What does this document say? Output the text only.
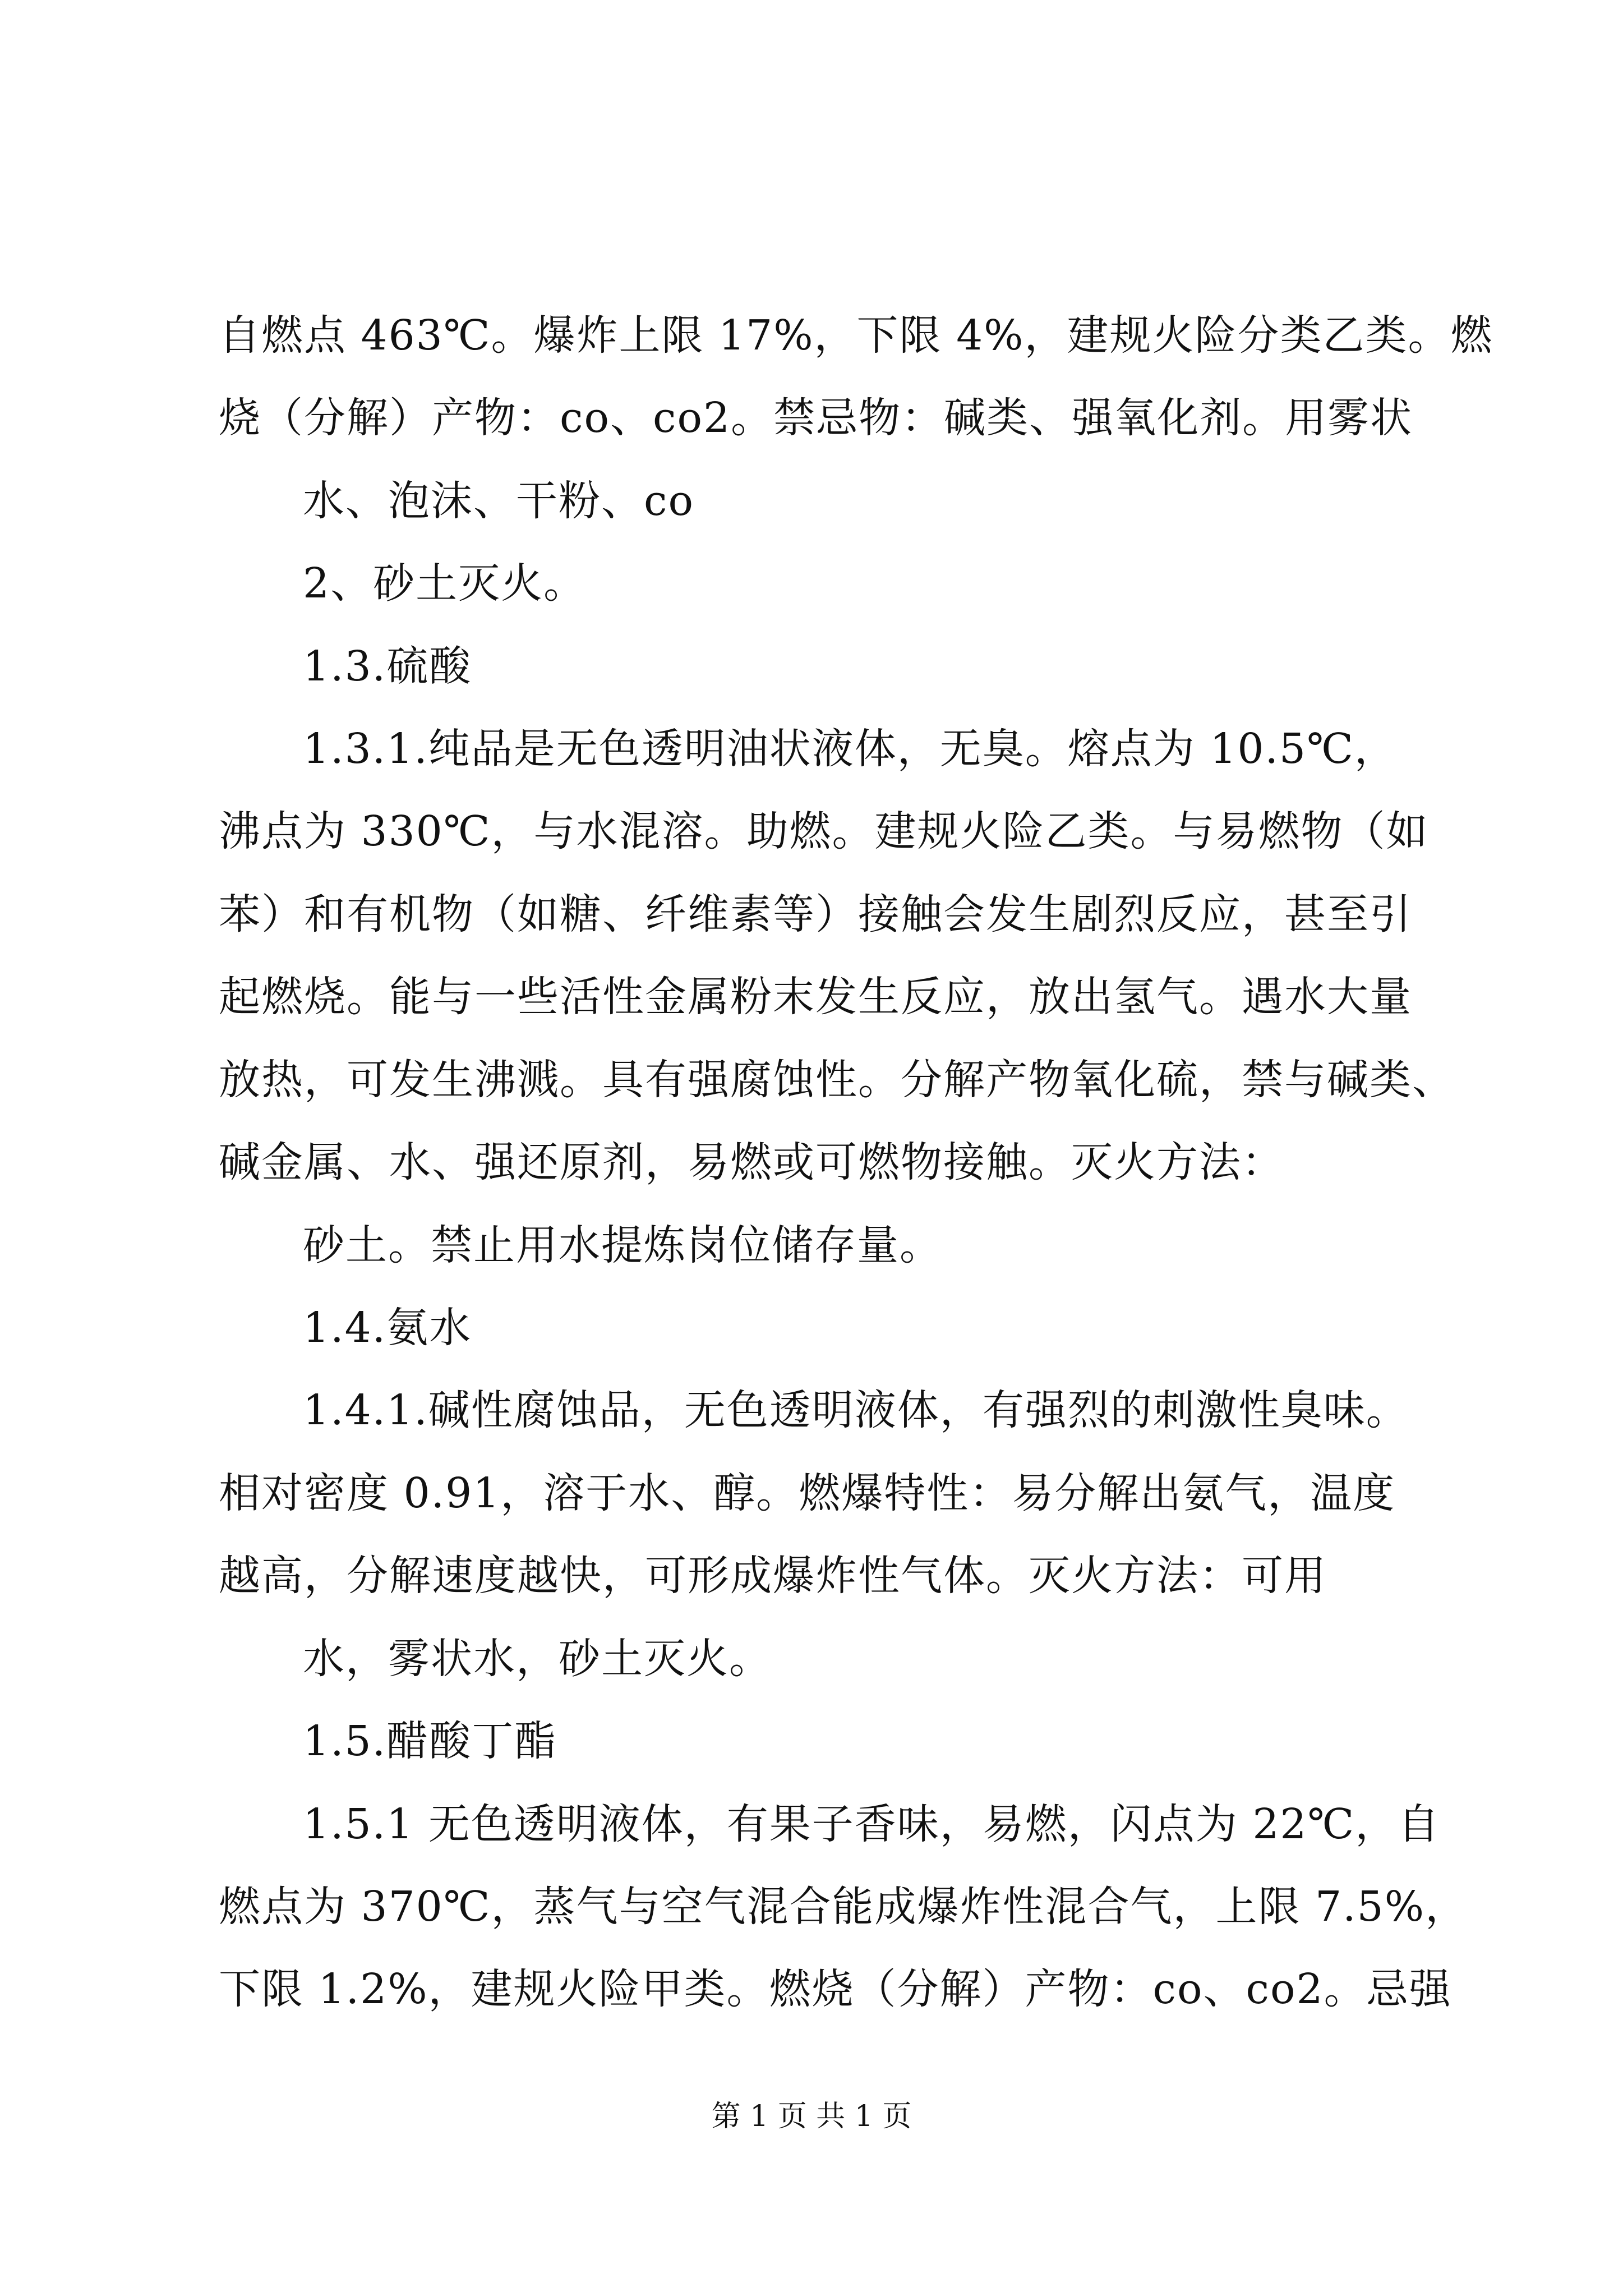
自燃点 463℃。爆炸上限 17%，下限 4%，建规火险分类乙类。燃
烧（分解）产物：co、co2。禁忌物：碱类、强氧化剂。用雾状
水、泡沫、干粉、co
2、砂土灭火。
1.3.硫酸
1.3.1.纯品是无色透明油状液体，无臭。熔点为 10.5℃，
沸点为 330℃，与水混溶。助燃。建规火险乙类。与易燃物（如
苯）和有机物（如糖、纤维素等）接触会发生剧烈反应，甚至引
起燃烧。能与一些活性金属粉末发生反应，放出氢气。遇水大量
放热，可发生沸溅。具有强腐蚀性。分解产物氧化硫，禁与碱类、
碱金属、水、强还原剂，易燃或可燃物接触。灭火方法：
砂土。禁止用水提炼岗位储存量。
1.4.氨水
1.4.1.碱性腐蚀品，无色透明液体，有强烈的刺激性臭味。
相对密度 0.91，溶于水、醇。燃爆特性：易分解出氨气，温度
越高，分解速度越快，可形成爆炸性气体。灭火方法：可用
水，雾状水，砂土灭火。
1.5.醋酸丁酯
1.5.1 无色透明液体，有果子香味，易燃，闪点为 22℃，自
燃点为 370℃，蒸气与空气混合能成爆炸性混合气，上限 7.5%，
下限 1.2%，建规火险甲类。燃烧（分解）产物：co、co2。忌强
第 1 页 共 1 页
